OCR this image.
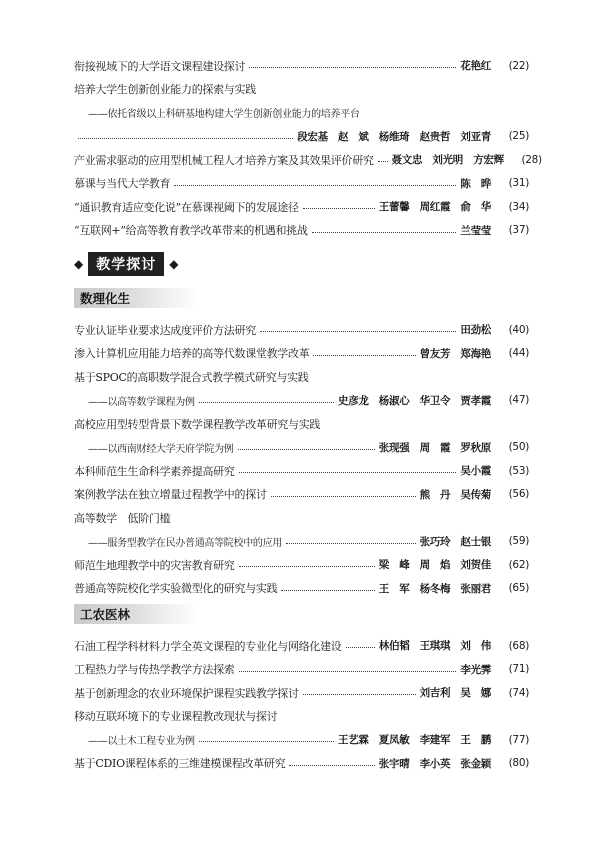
衔接视域下的大学语文课程建设探讨	花艳红	(22)
培养大学生创新创业能力的探索与实践
——依托省级以上科研基地构建大学生创新创业能力的培养平台
段宏基　赵　斌　杨维琦　赵贵哲　刘亚青	(25)
产业需求驱动的应用型机械工程人才培养方案及其效果评价研究 聂文忠　刘光明　方宏辉	(28)
慕课与当代大学教育	陈　晔	(31)
“通识教育适应变化说”在慕课视阈下的发展途径	王蕾馨　周红霞　俞　华	(34)
“互联网+”给高等教育教学改革带来的机遇和挑战	兰莹莹	(37)
◆ 教学探讨	◆
数理化生
专业认证毕业要求达成度评价方法研究	田劲松	(40)
渗入计算机应用能力培养的高等代数课堂教学改革	曾友芳　郑海艳	(44)
基于SPOC的高职数学混合式教学模式研究与实践
——以高等数学课程为例	史彦龙　杨淑心　华卫令　贾孝霞	(47)
高校应用型转型背景下数学课程教学改革研究与实践
——以西南财经大学天府学院为例	张现强　周　霞　罗秋原	(50)
本科师范生生命科学素养提高研究	吴小霞	(53)
案例教学法在独立增量过程教学中的探讨	熊　丹　吴传菊	(56)
高等数学　低阶门槛
——服务型教学在民办普通高等院校中的应用	张巧玲　赵士银	(59)
师范生地理教学中的灾害教育研究	梁　峰　周　焰　刘贺佳	(62)
普通高等院校化学实验微型化的研究与实践	王　军　杨冬梅　张丽君	(65)
工农医林
石油工程学科材料力学全英文课程的专业化与网络化建设	林伯韬　王琪琪　刘　伟	(68)
工程热力学与传热学教学方法探索	李光霁	(71)
基于创新理念的农业环境保护课程实践教学探讨	刘吉利　吴　娜	(74)
移动互联环境下的专业课程教改现状与探讨
——以土木工程专业为例	王艺霖　夏凤敏　李建军　王　鹏	(77)
基于CDIO课程体系的三维建模课程改革研究	张宇晴　李小英　张金颖	(80)
